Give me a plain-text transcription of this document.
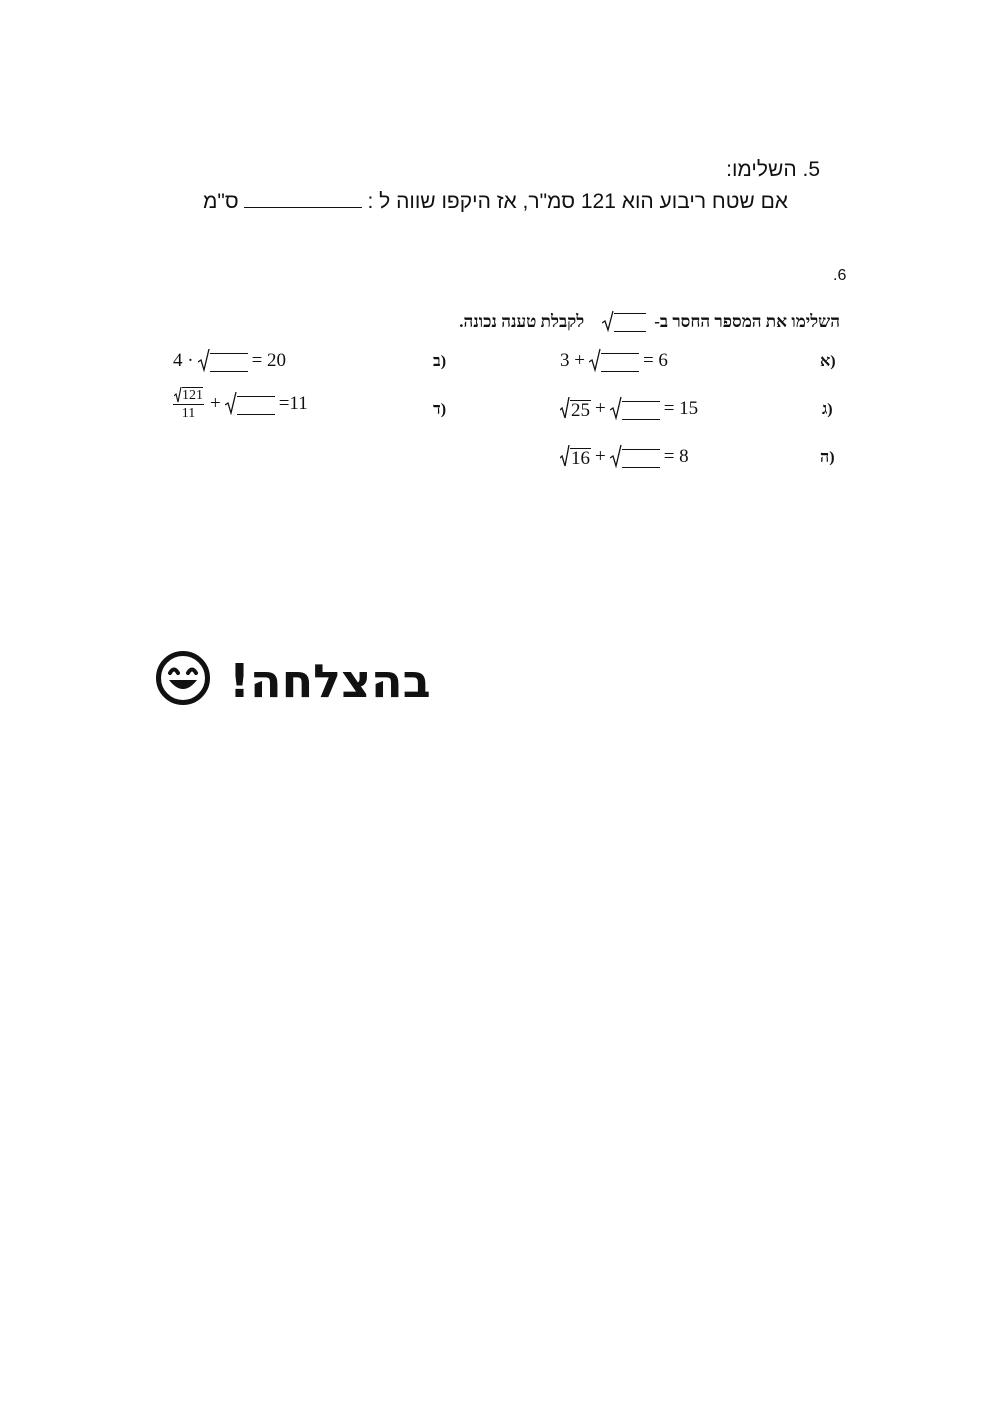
5. השלימו:
אם שטח ריבוע הוא 121 סמ"ר, אז היקפו שווה ל : ס"מ
.6
השלימו את המספר החסר ב-
לקבלת טענה נכונה.
(א
3 +	= 6
(ב
4 ·	= 20
(ג
25 +	= 15
(ד
$\frac{121}{11}$ +	=11
(ה
16 +	= 8
בהצלחה!
